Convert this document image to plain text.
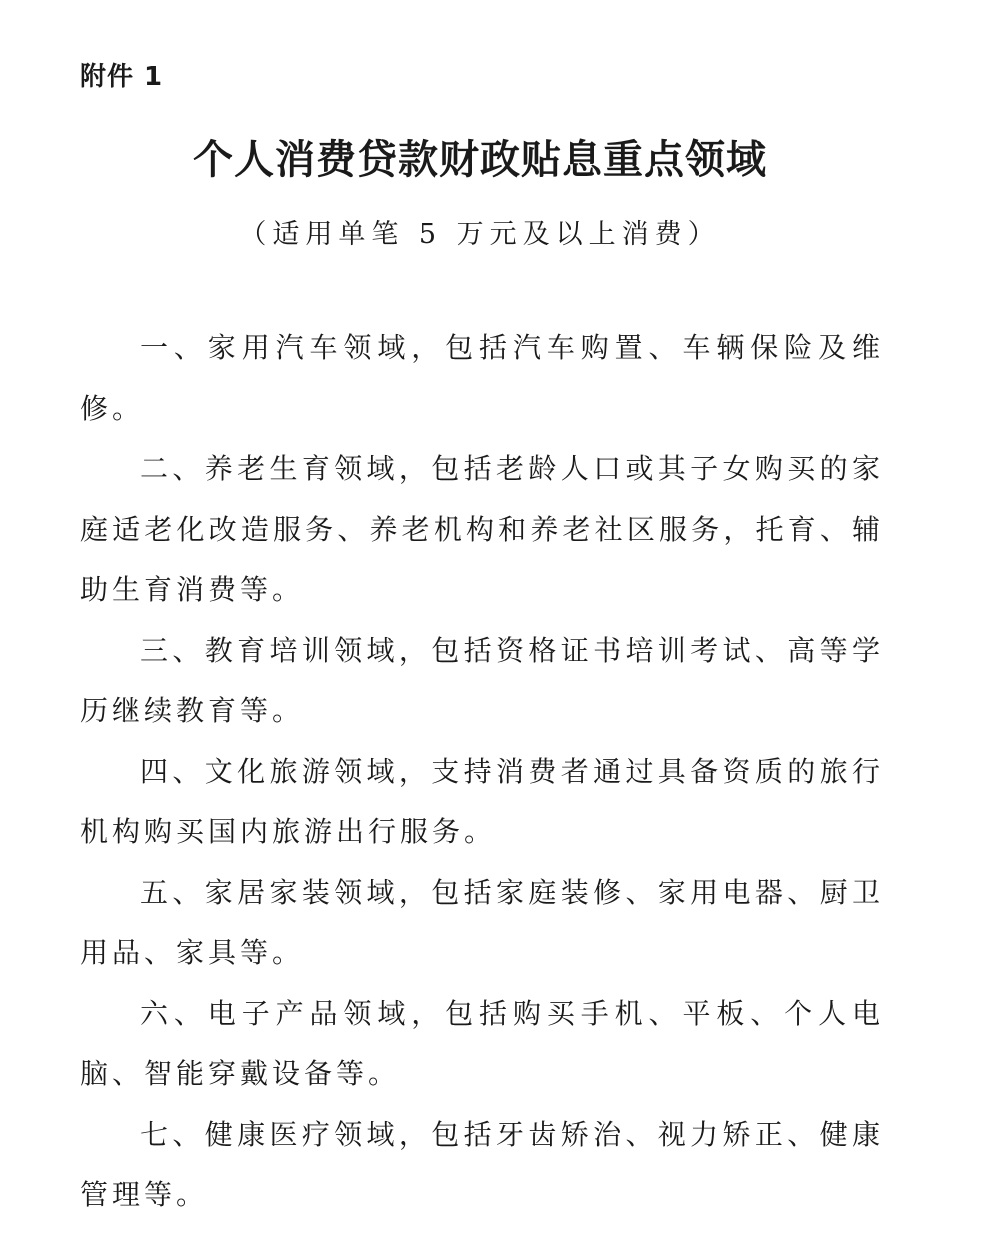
附件 1
个人消费贷款财政贴息重点领域
（适用单笔 5 万元及以上消费）

一、家用汽车领域，包括汽车购置、车辆保险及维修。

二、养老生育领域，包括老龄人口或其子女购买的家庭适老化改造服务、养老机构和养老社区服务，托育、辅助生育消费等。

三、教育培训领域，包括资格证书培训考试、高等学历继续教育等。

四、文化旅游领域，支持消费者通过具备资质的旅行机构购买国内旅游出行服务。

五、家居家装领域，包括家庭装修、家用电器、厨卫用品、家具等。

六、电子产品领域，包括购买手机、平板、个人电脑、智能穿戴设备等。

七、健康医疗领域，包括牙齿矫治、视力矫正、健康管理等。
